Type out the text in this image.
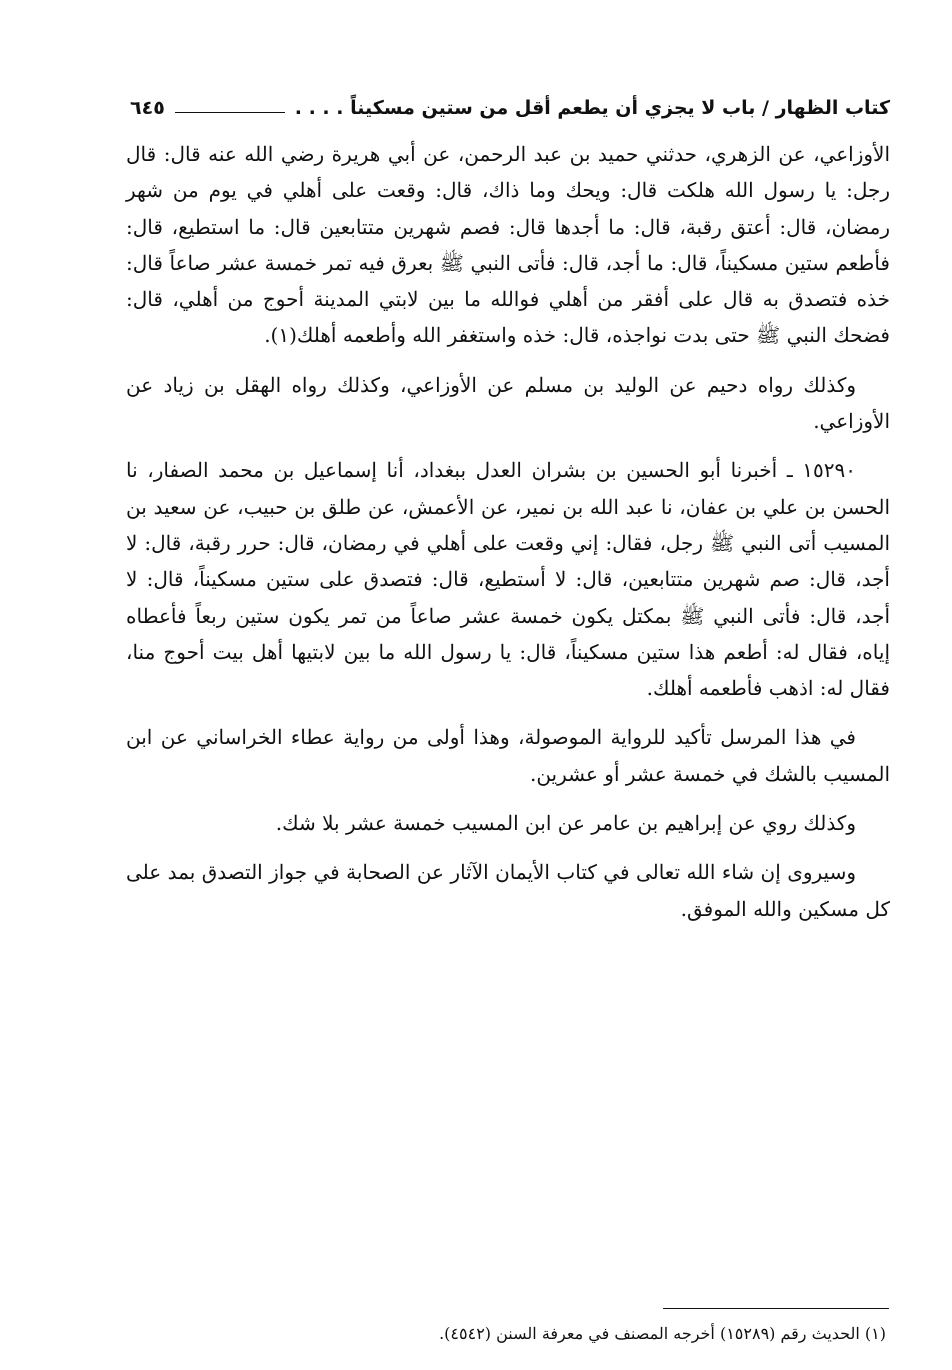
كتاب الظهار / باب لا يجزي أن يطعم أقل من ستين مسكيناً . . . .
٦٤٥

الأوزاعي، عن الزهري، حدثني حميد بن عبد الرحمن، عن أبي هريرة رضي الله عنه قال: قال رجل: يا رسول الله هلكت قال: ويحك وما ذاك، قال: وقعت على أهلي في يوم من شهر رمضان، قال: أعتق رقبة، قال: ما أجدها قال: فصم شهرين متتابعين قال: ما استطيع، قال: فأطعم ستين مسكيناً، قال: ما أجد، قال: فأتى النبي ﷺ بعرق فيه تمر خمسة عشر صاعاً قال: خذه فتصدق به قال على أفقر من أهلي فوالله ما بين لابتي المدينة أحوج من أهلي، قال: فضحك النبي ﷺ حتى بدت نواجذه، قال: خذه واستغفر الله وأطعمه أهلك(١).

وكذلك رواه دحيم عن الوليد بن مسلم عن الأوزاعي، وكذلك رواه الهقل بن زياد عن الأوزاعي.

١٥٢٩٠ ـ أخبرنا أبو الحسين بن بشران العدل ببغداد، أنا إسماعيل بن محمد الصفار، نا الحسن بن علي بن عفان، نا عبد الله بن نمير، عن الأعمش، عن طلق بن حبيب، عن سعيد بن المسيب أتى النبي ﷺ رجل، فقال: إني وقعت على أهلي في رمضان، قال: حرر رقبة، قال: لا أجد، قال: صم شهرين متتابعين، قال: لا أستطيع، قال: فتصدق على ستين مسكيناً، قال: لا أجد، قال: فأتى النبي ﷺ بمكتل يكون خمسة عشر صاعاً من تمر يكون ستين ربعاً فأعطاه إياه، فقال له: أطعم هذا ستين مسكيناً، قال: يا رسول الله ما بين لابتيها أهل بيت أحوج منا، فقال له: اذهب فأطعمه أهلك.

في هذا المرسل تأكيد للرواية الموصولة، وهذا أولى من رواية عطاء الخراساني عن ابن المسيب بالشك في خمسة عشر أو عشرين.

وكذلك روي عن إبراهيم بن عامر عن ابن المسيب خمسة عشر بلا شك.

وسيروى إن شاء الله تعالى في كتاب الأيمان الآثار عن الصحابة في جواز التصدق بمد على كل مسكين والله الموفق.

(١) الحديث رقم (١٥٢٨٩) أخرجه المصنف في معرفة السنن (٤٥٤٢).
